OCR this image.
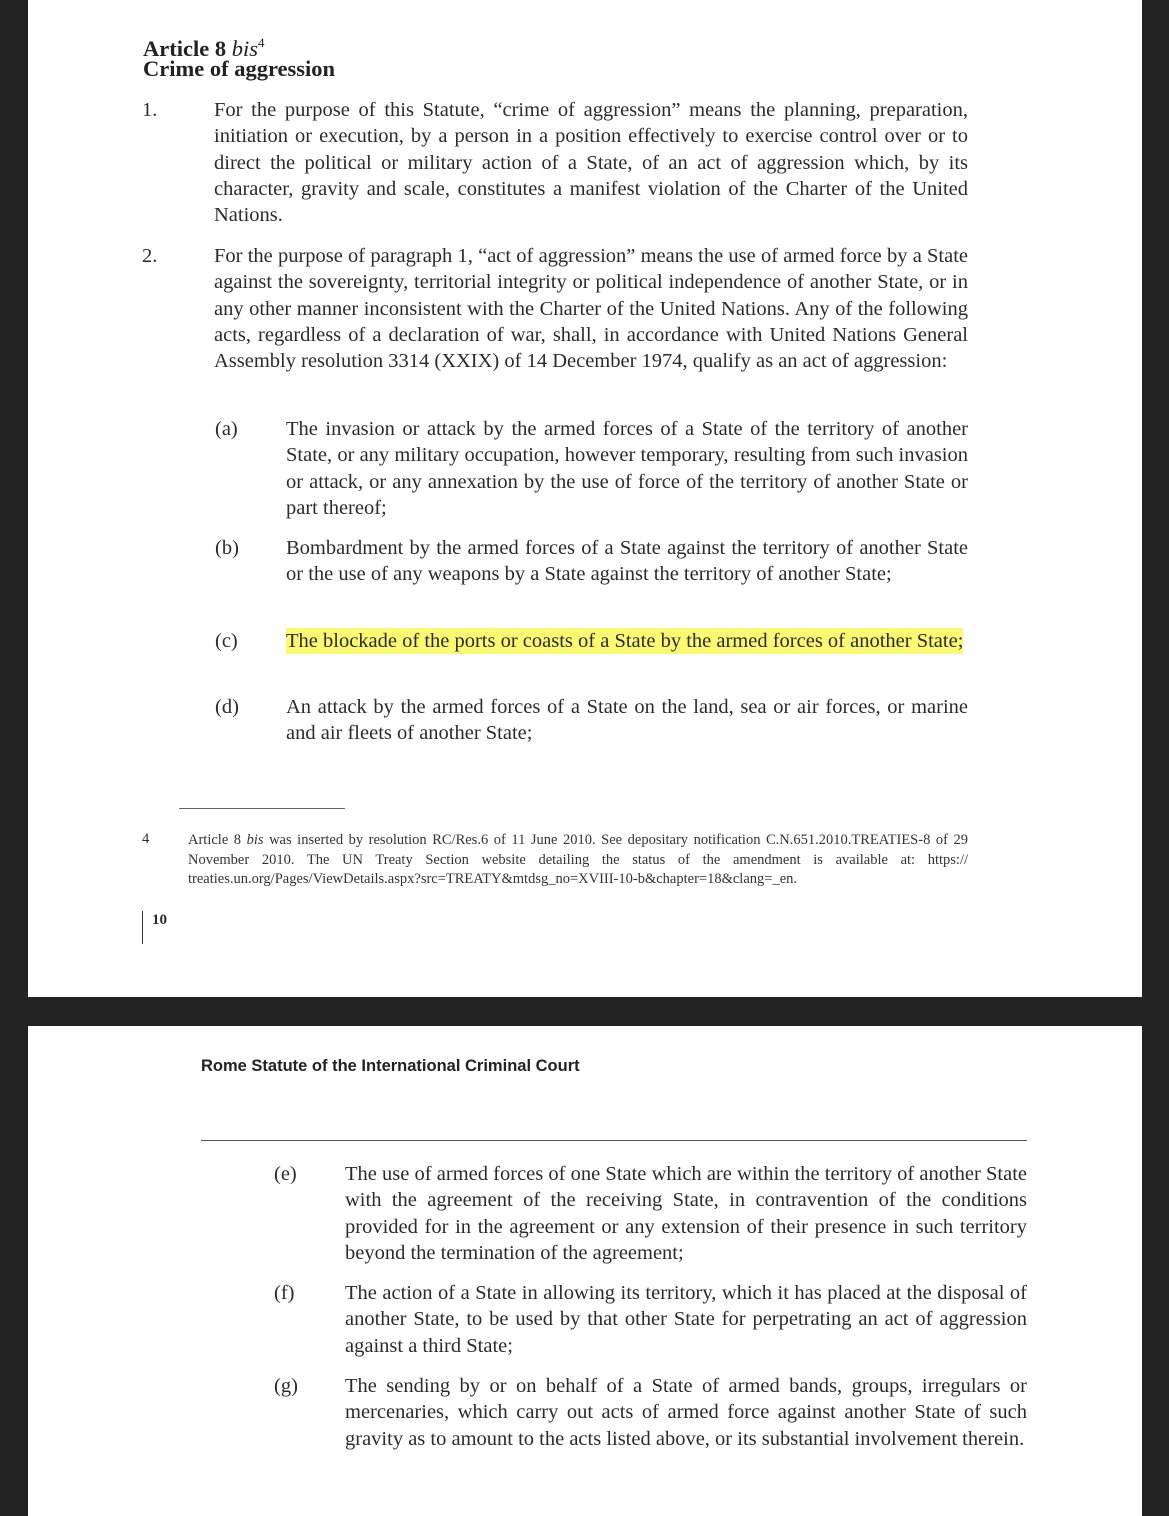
Article 8 bis$^4$
Crime of aggression
1.	For the purpose of this Statute, “crime of aggression” means the planning, preparation, initiation or execution, by a person in a position effectively to exercise control over or to direct the political or military action of a State, of an act of aggression which, by its character, gravity and scale, constitutes a manifest violation of the Charter of the United Nations.
2.	For the purpose of paragraph 1, “act of aggression” means the use of armed force by a State against the sovereignty, territorial integrity or political independence of another State, or in any other manner inconsistent with the Charter of the United Nations. Any of the following acts, regardless of a declaration of war, shall, in accordance with United Nations General Assembly resolution 3314 (XXIX) of 14 December 1974, qualify as an act of aggression:
(a) The invasion or attack by the armed forces of a State of the territory of another State, or any military occupation, however temporary, resulting from such invasion or attack, or any annexation by the use of force of the territory of another State or part thereof;
(b) Bombardment by the armed forces of a State against the territory of another State or the use of any weapons by a State against the territory of another State;
(c) The blockade of the ports or coasts of a State by the armed forces of another State;
(d) An attack by the armed forces of a State on the land, sea or air forces, or marine and air fleets of another State;
4	Article 8 bis was inserted by resolution RC/Res.6 of 11 June 2010. See depositary notification C.N.651.2010.TREATIES-8 of 29 November 2010. The UN Treaty Section website detailing the status of the amendment is available at: https:// treaties.un.org/Pages/ViewDetails.aspx?src=TREATY&mtdsg_no=XVIII-10-b&chapter=18&clang=_en.
10
Rome Statute of the International Criminal Court
(e) The use of armed forces of one State which are within the territory of another State with the agreement of the receiving State, in contravention of the conditions provided for in the agreement or any extension of their presence in such territory beyond the termination of the agreement;
(f) The action of a State in allowing its territory, which it has placed at the disposal of another State, to be used by that other State for perpetrating an act of aggression against a third State;
(g) The sending by or on behalf of a State of armed bands, groups, irregulars or mercenaries, which carry out acts of armed force against another State of such gravity as to amount to the acts listed above, or its substantial involvement therein.
